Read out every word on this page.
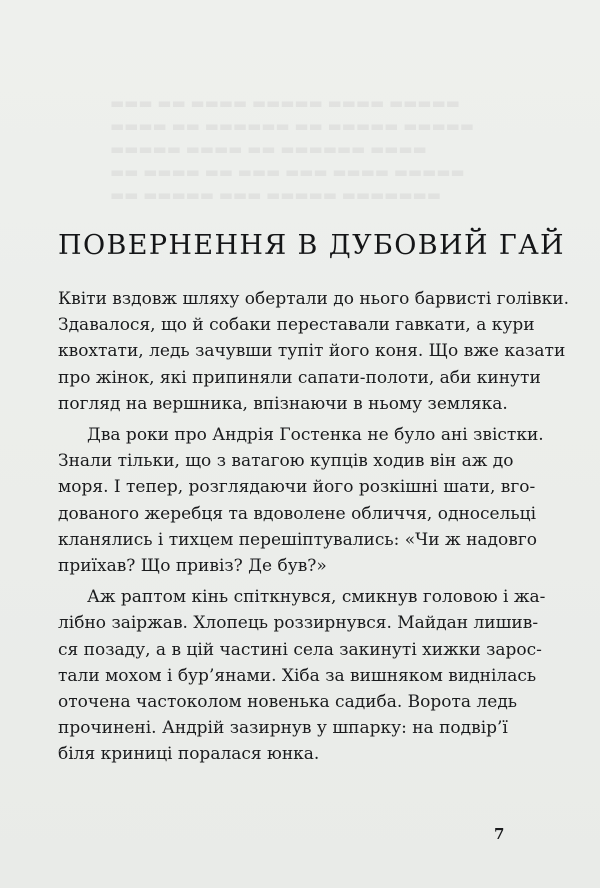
▬▬▬ ▬▬ ▬▬▬▬ ▬▬▬▬▬ ▬▬▬▬ ▬▬▬▬▬
▬▬▬▬ ▬▬ ▬▬▬▬▬▬ ▬▬ ▬▬▬▬▬ ▬▬▬▬▬
▬▬▬▬▬ ▬▬▬▬ ▬▬ ▬▬▬▬▬▬ ▬▬▬▬
▬▬ ▬▬▬▬ ▬▬ ▬▬▬ ▬▬▬ ▬▬▬▬ ▬▬▬▬▬
▬▬ ▬▬▬▬▬ ▬▬▬ ▬▬▬▬▬ ▬▬▬▬▬▬▬
ПОВЕРНЕННЯ В ДУБОВИЙ ГАЙ
Квіти вздовж шляху обертали до нього барвисті голівки.
Здавалося, що й собаки переставали гавкати, а кури
квохтати, ледь зачувши тупіт його коня. Що вже казати
про жінок, які припиняли сапати-полоти, аби кинути
погляд на вершника, впізнаючи в ньому земляка.
Два роки про Андрія Гостенка не було ані звістки.
Знали тільки, що з ватагою купців ходив він аж до
моря. І тепер, розглядаючи його розкішні шати, вго-
дованого жеребця та вдоволене обличчя, односельці
кланялись і тихцем перешіптувались: «Чи ж надовго
приїхав? Що привіз? Де був?»
Аж раптом кінь спіткнувся, смикнув головою і жа-
лібно заіржав. Хлопець роззирнувся. Майдан лишив-
ся позаду, а в цій частині села закинуті хижки зарос-
тали мохом і бур’янами. Хіба за вишняком виднілась
оточена частоколом новенька садиба. Ворота ледь
прочинені. Андрій зазирнув у шпарку: на подвір’ї
біля криниці поралася юнка.
7
